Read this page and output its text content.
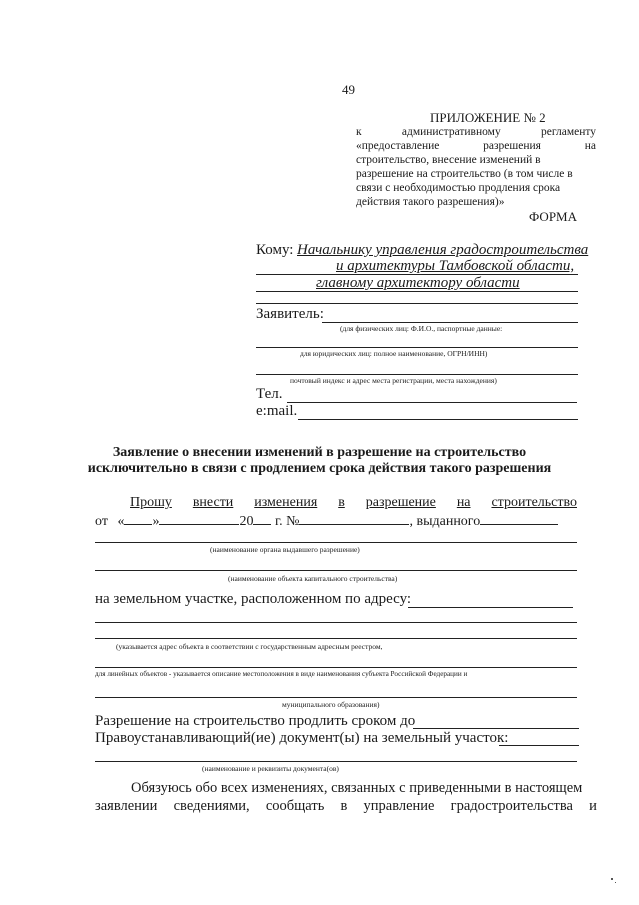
49
ПРИЛОЖЕНИЕ № 2
к	административному	регламенту
«предоставление	разрешения	на
строительство, внесение изменений в
разрешение на строительство (в том числе в
связи с необходимостью продления срока
действия такого разрешения)»
ФОРМА
Кому: Начальнику управления градостроительства
и архитектуры Тамбовской области,
главному архитектору области
Заявитель:
(для физических лиц: Ф.И.О., паспортные данные:
для юридических лиц: полное наименование, ОГРН/ИНН)
почтовый индекс и адрес места регистрации, места нахождения)
Тел.
e:mail.
Заявление о внесении изменений в разрешение на строительство
исключительно в связи с продлением срока действия такого разрешения
Прошу внести изменения в разрешение на строительство
от « »	20 г. №	, выданного
(наименование органа выдавшего разрешение)
(наименование объекта капитального строительства)
на земельном участке, расположенном по адресу:
(указывается адрес объекта в соответствии с государственным адресным реестром,
для линейных объектов - указывается описание местоположения в виде наименования субъекта Российской Федерации и
муниципального образования)
Разрешение на строительство продлить сроком до
Правоустанавливающий(ие) документ(ы) на земельный участок:
(наименование и реквизиты документа(ов)
Обязуюсь обо всех изменениях, связанных с приведенными в настоящем
заявлении сведениями, сообщать в управление градостроительства и
